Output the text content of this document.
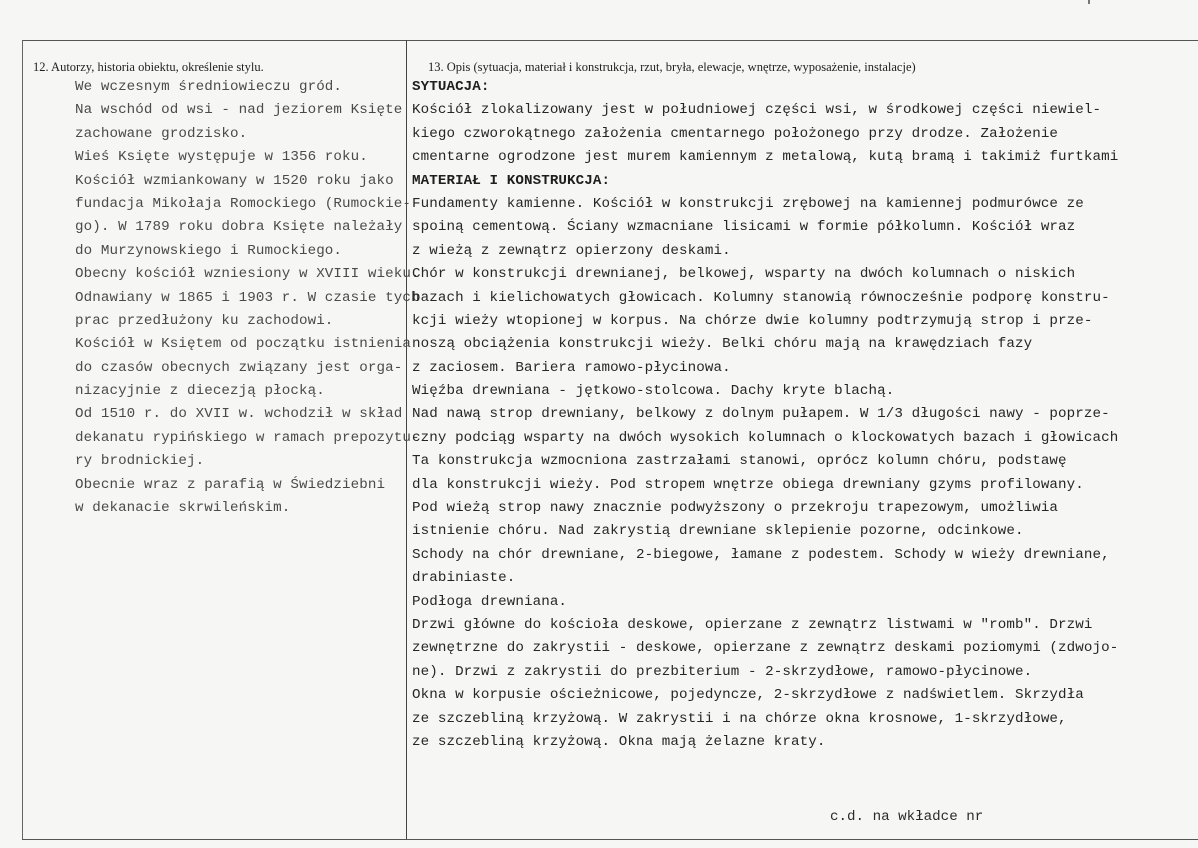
12. Autorzy, historia obiektu, określenie stylu.	13. Opis (sytuacja, materiał i konstrukcja, rzut, bryła, elewacje, wnętrze, wyposażenie, instalacje)
We wczesnym średniowieczu gród.
Na wschód od wsi - nad jeziorem Księte
zachowane grodzisko.
Wieś Księte występuje w 1356 roku.
Kościół wzmiankowany w 1520 roku jako
fundacja Mikołaja Romockiego (Rumockie-
go). W 1789 roku dobra Księte należały
do Murzynowskiego i Rumockiego.
Obecny kościół wzniesiony w XVIII wieku.
Odnawiany w 1865 i 1903 r. W czasie tych
prac przedłużony ku zachodowi.
Kościół w Księtem od początku istnienia
do czasów obecnych związany jest orga-
nizacyjnie z diecezją płocką.
Od 1510 r. do XVII w. wchodził w skład
dekanatu rypińskiego w ramach prepozytu-
ry brodnickiej.
Obecnie wraz z parafią w Świedziebni
w dekanacie skrwileńskim.
SYTUACJA:
Kościół zlokalizowany jest w południowej części wsi, w środkowej części niewiel-
kiego czworokątnego założenia cmentarnego położonego przy drodze. Założenie
cmentarne ogrodzone jest murem kamiennym z metalową, kutą bramą i takimiż furtkami
MATERIAŁ I KONSTRUKCJA:
Fundamenty kamienne. Kościół w konstrukcji zrębowej na kamiennej podmurówce ze
spoiną cementową. Ściany wzmacniane lisicami w formie półkolumn. Kościół wraz
z wieżą z zewnątrz opierzony deskami.
Chór w konstrukcji drewnianej, belkowej, wsparty na dwóch kolumnach o niskich
bazach i kielichowatych głowicach. Kolumny stanowią równocześnie podporę konstru-
kcji wieży wtopionej w korpus. Na chórze dwie kolumny podtrzymują strop i prze-
noszą obciążenia konstrukcji wieży. Belki chóru mają na krawędziach fazy
z zaciosem. Bariera ramowo-płycinowa.
Więźba drewniana - jętkowo-stolcowa. Dachy kryte blachą.
Nad nawą strop drewniany, belkowy z dolnym pułapem. W 1/3 długości nawy - poprze-
czny podciąg wsparty na dwóch wysokich kolumnach o klockowatych bazach i głowicach
Ta konstrukcja wzmocniona zastrzałami stanowi, oprócz kolumn chóru, podstawę
dla konstrukcji wieży. Pod stropem wnętrze obiega drewniany gzyms profilowany.
Pod wieżą strop nawy znacznie podwyższony o przekroju trapezowym, umożliwia
istnienie chóru. Nad zakrystią drewniane sklepienie pozorne, odcinkowe.
Schody na chór drewniane, 2-biegowe, łamane z podestem. Schody w wieży drewniane,
drabiniaste.
Podłoga drewniana.
Drzwi główne do kościoła deskowe, opierzane z zewnątrz listwami w "romb". Drzwi
zewnętrzne do zakrystii - deskowe, opierzane z zewnątrz deskami poziomymi (zdwojo-
ne). Drzwi z zakrystii do prezbiterium - 2-skrzydłowe, ramowo-płycinowe.
Okna w korpusie ościeżnicowe, pojedyncze, 2-skrzydłowe z nadświetlem. Skrzydła
ze szczebliną krzyżową. W zakrystii i na chórze okna krosnowe, 1-skrzydłowe,
ze szczebliną krzyżową. Okna mają żelazne kraty.
c.d. na wkładce nr
